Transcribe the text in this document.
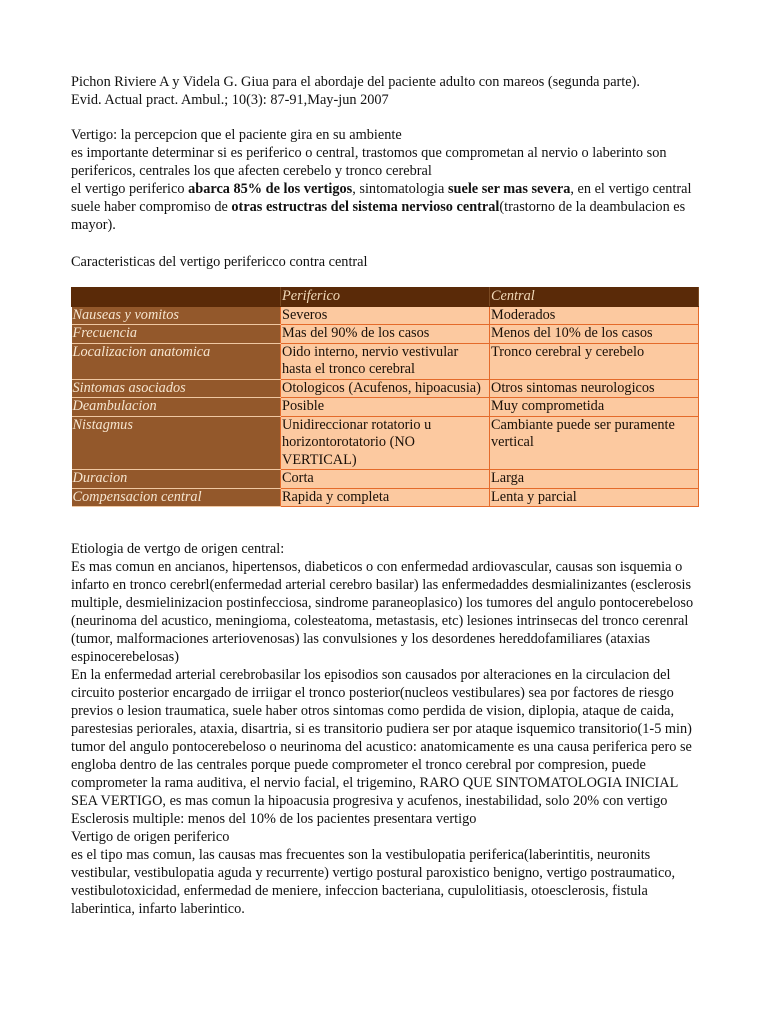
Pichon Riviere A y Videla G. Giua para el abordaje del paciente adulto con mareos (segunda parte).

Evid. Actual pract. Ambul.; 10(3): 87-91,May-jun 2007

Vertigo: la percepcion que el paciente gira en su ambiente

es importante determinar si es periferico o central, trastomos que comprometan al nervio o laberinto son perifericos, centrales los que afecten cerebelo y tronco cerebral

el vertigo periferico abarca 85% de los vertigos, sintomatologia suele ser mas severa, en el vertigo central suele haber compromiso de otras estructras del sistema nervioso central(trastorno de la deambulacion es mayor).

Caracteristicas del vertigo perifericco contra central
	Periferico	Central
Nauseas y vomitos	Severos	Moderados
Frecuencia	Mas del 90% de los casos	Menos del 10% de los casos
Localizacion anatomica	Oido interno, nervio vestivular hasta el tronco cerebral	Tronco cerebral y cerebelo
Sintomas asociados	Otologicos (Acufenos, hipoacusia)	Otros sintomas neurologicos
Deambulacion	Posible	Muy comprometida
Nistagmus	Unidireccionar rotatorio u horizontorotatorio (NO VERTICAL)	Cambiante puede ser puramente vertical
Duracion	Corta	Larga
Compensacion central	Rapida y completa	Lenta y parcial

Etiologia de vertgo de origen central:

Es mas comun en ancianos, hipertensos, diabeticos o con enfermedad ardiovascular, causas son isquemia o infarto en tronco cerebrl(enfermedad arterial cerebro basilar) las enfermedaddes desmialinizantes (esclerosis multiple, desmielinizacion postinfecciosa, sindrome paraneoplasico) los tumores del angulo pontocerebeloso (neurinoma del acustico, meningioma, colesteatoma, metastasis, etc) lesiones intrinsecas del tronco cerenral (tumor, malformaciones arteriovenosas) las convulsiones y los desordenes hereddofamiliares (ataxias espinocerebelosas)

En la enfermedad arterial cerebrobasilar los episodios son causados por alteraciones en la circulacion del circuito posterior encargado de irriigar el tronco posterior(nucleos vestibulares) sea por factores de riesgo previos o lesion traumatica, suele haber otros sintomas como perdida de vision, diplopia, ataque de caida, parestesias periorales, ataxia, disartria, si es transitorio pudiera ser por ataque isquemico transitorio(1-5 min)

tumor del angulo pontocerebeloso o neurinoma del acustico: anatomicamente es una causa periferica pero se engloba dentro de las centrales porque puede comprometer el tronco cerebral por compresion, puede comprometer la rama auditiva, el nervio facial, el trigemino, RARO QUE SINTOMATOLOGIA INICIAL SEA VERTIGO, es mas comun la hipoacusia progresiva y acufenos, inestabilidad, solo 20% con vertigo

Esclerosis multiple: menos del 10% de los pacientes presentara vertigo

Vertigo de origen periferico

es el tipo mas comun, las causas mas frecuentes son la vestibulopatia periferica(laberintitis, neuronits vestibular, vestibulopatia aguda y recurrente) vertigo postural paroxistico benigno, vertigo postraumatico, vestibulotoxicidad, enfermedad de meniere, infeccion bacteriana, cupulolitiasis, otoesclerosis, fistula laberintica, infarto laberintico.
